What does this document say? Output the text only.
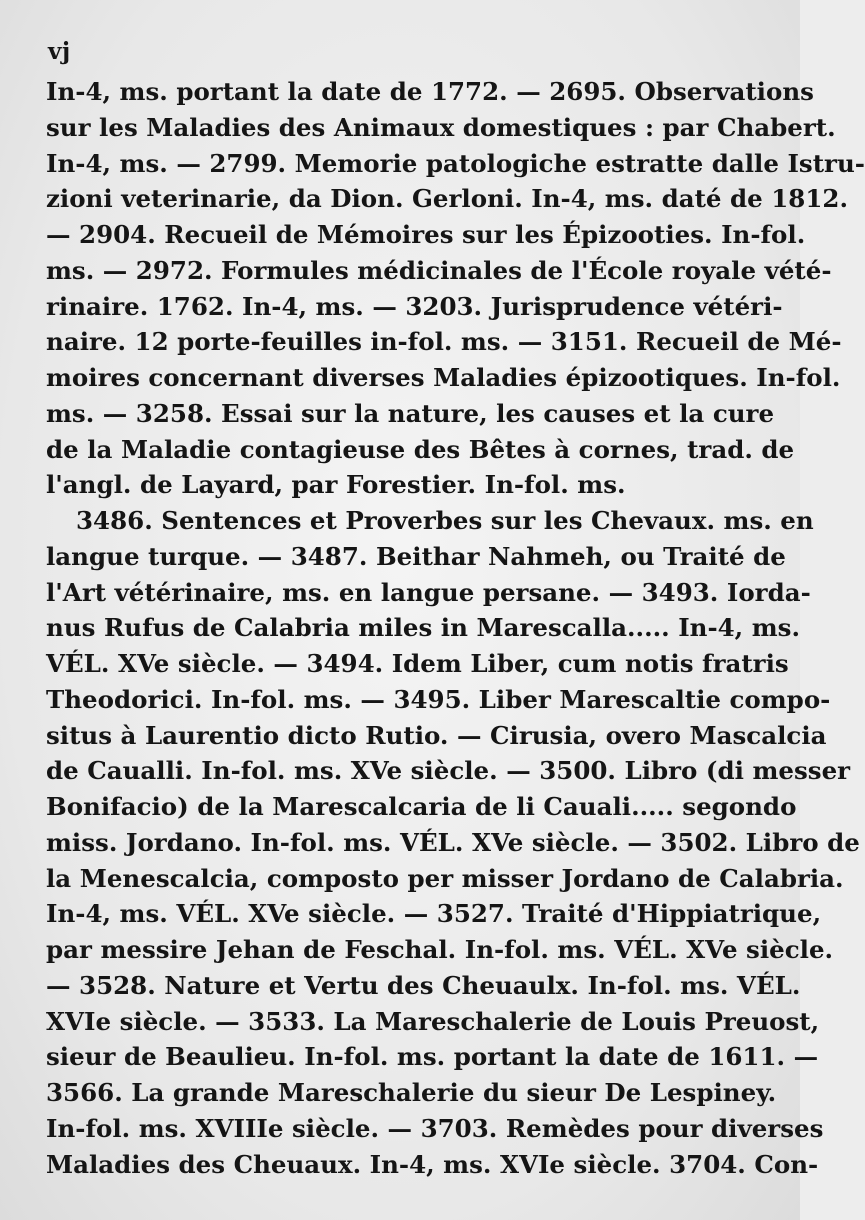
vj
In-4, ms. portant la date de 1772. — 2695. Observations
sur les Maladies des Animaux domestiques : par Chabert.
In-4, ms. — 2799. Memorie patologiche estratte dalle Istru-
zioni veterinarie, da Dion. Gerloni. In-4, ms. daté de 1812.
— 2904. Recueil de Mémoires sur les Épizooties. In-fol.
ms. — 2972. Formules médicinales de l'École royale vété-
rinaire. 1762. In-4, ms. — 3203. Jurisprudence vétéri-
naire. 12 porte-feuilles in-fol. ms. — 3151. Recueil de Mé-
moires concernant diverses Maladies épizootiques. In-fol.
ms. — 3258. Essai sur la nature, les causes et la cure
de la Maladie contagieuse des Bêtes à cornes, trad. de
l'angl. de Layard, par Forestier. In-fol. ms.
3486. Sentences et Proverbes sur les Chevaux. ms. en
langue turque. — 3487. Beithar Nahmeh, ou Traité de
l'Art vétérinaire, ms. en langue persane. — 3493. Iorda-
nus Rufus de Calabria miles in Marescalla..... In-4, ms.
VÉL. XVe siècle. — 3494. Idem Liber, cum notis fratris
Theodorici. In-fol. ms. — 3495. Liber Marescaltie compo-
situs à Laurentio dicto Rutio. — Cirusia, overo Mascalcia
de Caualli. In-fol. ms. XVe siècle. — 3500. Libro (di messer
Bonifacio) de la Marescalcaria de li Cauali..... segondo
miss. Jordano. In-fol. ms. VÉL. XVe siècle. — 3502. Libro de
la Menescalcia, composto per misser Jordano de Calabria.
In-4, ms. VÉL. XVe siècle. — 3527. Traité d'Hippiatrique,
par messire Jehan de Feschal. In-fol. ms. VÉL. XVe siècle.
— 3528. Nature et Vertu des Cheuaulx. In-fol. ms. VÉL.
XVIe siècle. — 3533. La Mareschalerie de Louis Preuost,
sieur de Beaulieu. In-fol. ms. portant la date de 1611. —
3566. La grande Mareschalerie du sieur De Lespiney.
In-fol. ms. XVIIIe siècle. — 3703. Remèdes pour diverses
Maladies des Cheuaux. In-4, ms. XVIe siècle. 3704. Con-
